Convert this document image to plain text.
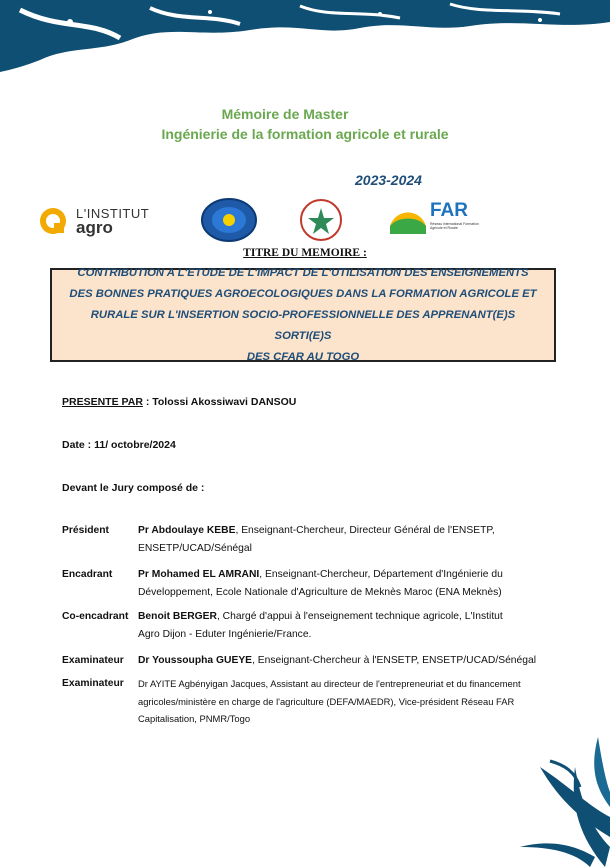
Mémoire de Master
Ingénierie de la formation agricole et rurale
2023-2024
L'INSTITUT
agro
FAR
Réseau international Formation Agricole et Rurale
TITRE DU MEMOIRE :

CONTRIBUTION A L'ETUDE DE L'IMPACT DE L'UTILISATION DES ENSEIGNEMENTS
DES BONNES PRATIQUES AGROECOLOGIQUES DANS LA FORMATION AGRICOLE ET
RURALE SUR L'INSERTION SOCIO-PROFESSIONNELLE DES APPRENANT(E)S SORTI(E)S
DES CFAR AU TOGO

PRESENTE PAR : Tolossi Akossiwavi DANSOU
Date : 11/ octobre/2024
Devant le Jury composé de :
Président	Pr Abdoulaye KEBE, Enseignant-Chercheur, Directeur Général de l'ENSETP,
ENSETP/UCAD/Sénégal
Encadrant Pr Mohamed EL AMRANI, Enseignant-Chercheur, Département d'Ingénierie du
Développement, Ecole Nationale d'Agriculture de Meknès Maroc (ENA Meknès)
Co-encadrant Benoit BERGER, Chargé d'appui à l'enseignement technique agricole, L'Institut
Agro Dijon - Eduter Ingénierie/France.
Examinateur Dr Youssoupha GUEYE, Enseignant-Chercheur à l'ENSETP, ENSETP/UCAD/Sénégal
Examinateur Dr AYITE Agbényigan Jacques, Assistant au directeur de l'entrepreneuriat et du financement
agricoles/ministère en charge de l'agriculture (DEFA/MAEDR), Vice-président Réseau FAR
Capitalisation, PNMR/Togo
